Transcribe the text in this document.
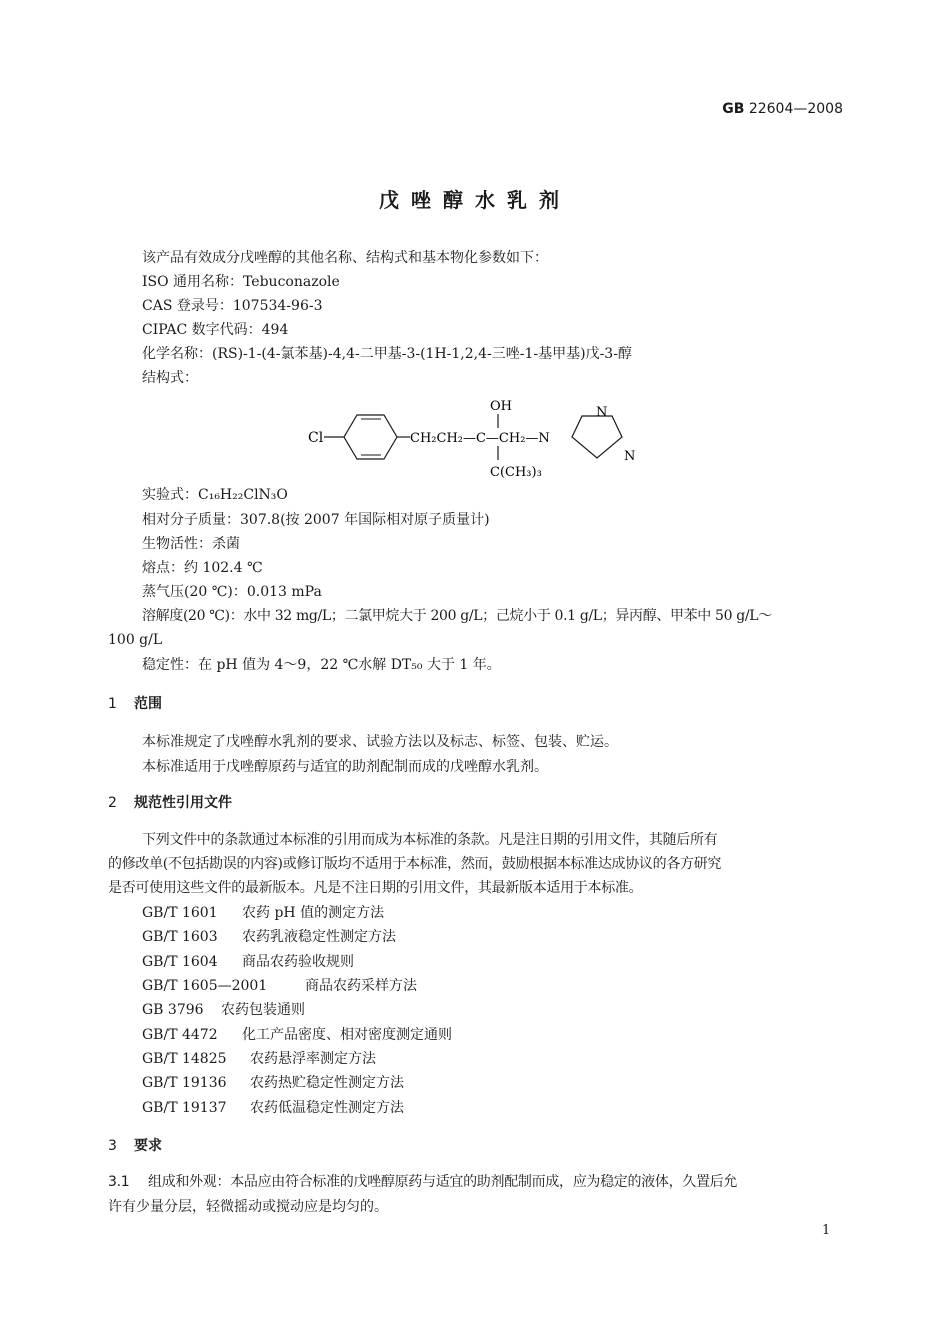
GB 22604—2008
戊唑醇水乳剂
该产品有效成分戊唑醇的其他名称、结构式和基本物化参数如下：
ISO 通用名称：Tebuconazole
CAS 登录号：107534-96-3
CIPAC 数字代码：494
化学名称：(RS)-1-(4-氯苯基)-4,4-二甲基-3-(1H-1,2,4-三唑-1-基甲基)戊-3-醇
结构式：
Cl	CH₂CH₂—C—CH₂—N
OH
C(CH₃)₃
N
N
实验式：C₁₆H₂₂ClN₃O
相对分子质量：307.8(按 2007 年国际相对原子质量计)
生物活性：杀菌
熔点：约 102.4 ℃
蒸气压(20 ℃)：0.013 mPa
溶解度(20 ℃)：水中 32 mg/L；二氯甲烷大于 200 g/L；己烷小于 0.1 g/L；异丙醇、甲苯中 50 g/L～
100 g/L
稳定性：在 pH 值为 4～9，22 ℃水解 DT₅₀ 大于 1 年。
1 范围
本标准规定了戊唑醇水乳剂的要求、试验方法以及标志、标签、包装、贮运。
本标准适用于戊唑醇原药与适宜的助剂配制而成的戊唑醇水乳剂。
2 规范性引用文件
下列文件中的条款通过本标准的引用而成为本标准的条款。凡是注日期的引用文件，其随后所有
的修改单(不包括勘误的内容)或修订版均不适用于本标准，然而，鼓励根据本标准达成协议的各方研究
是否可使用这些文件的最新版本。凡是不注日期的引用文件，其最新版本适用于本标准。
GB/T 1601 农药 pH 值的测定方法
GB/T 1603 农药乳液稳定性测定方法
GB/T 1604 商品农药验收规则
GB/T 1605—2001	商品农药采样方法
GB 3796 农药包装通则
GB/T 4472 化工产品密度、相对密度测定通则
GB/T 14825 农药悬浮率测定方法
GB/T 19136 农药热贮稳定性测定方法
GB/T 19137 农药低温稳定性测定方法
3 要求
3.1 组成和外观：本品应由符合标准的戊唑醇原药与适宜的助剂配制而成，应为稳定的液体，久置后允
许有少量分层，轻微摇动或搅动应是均匀的。
1
